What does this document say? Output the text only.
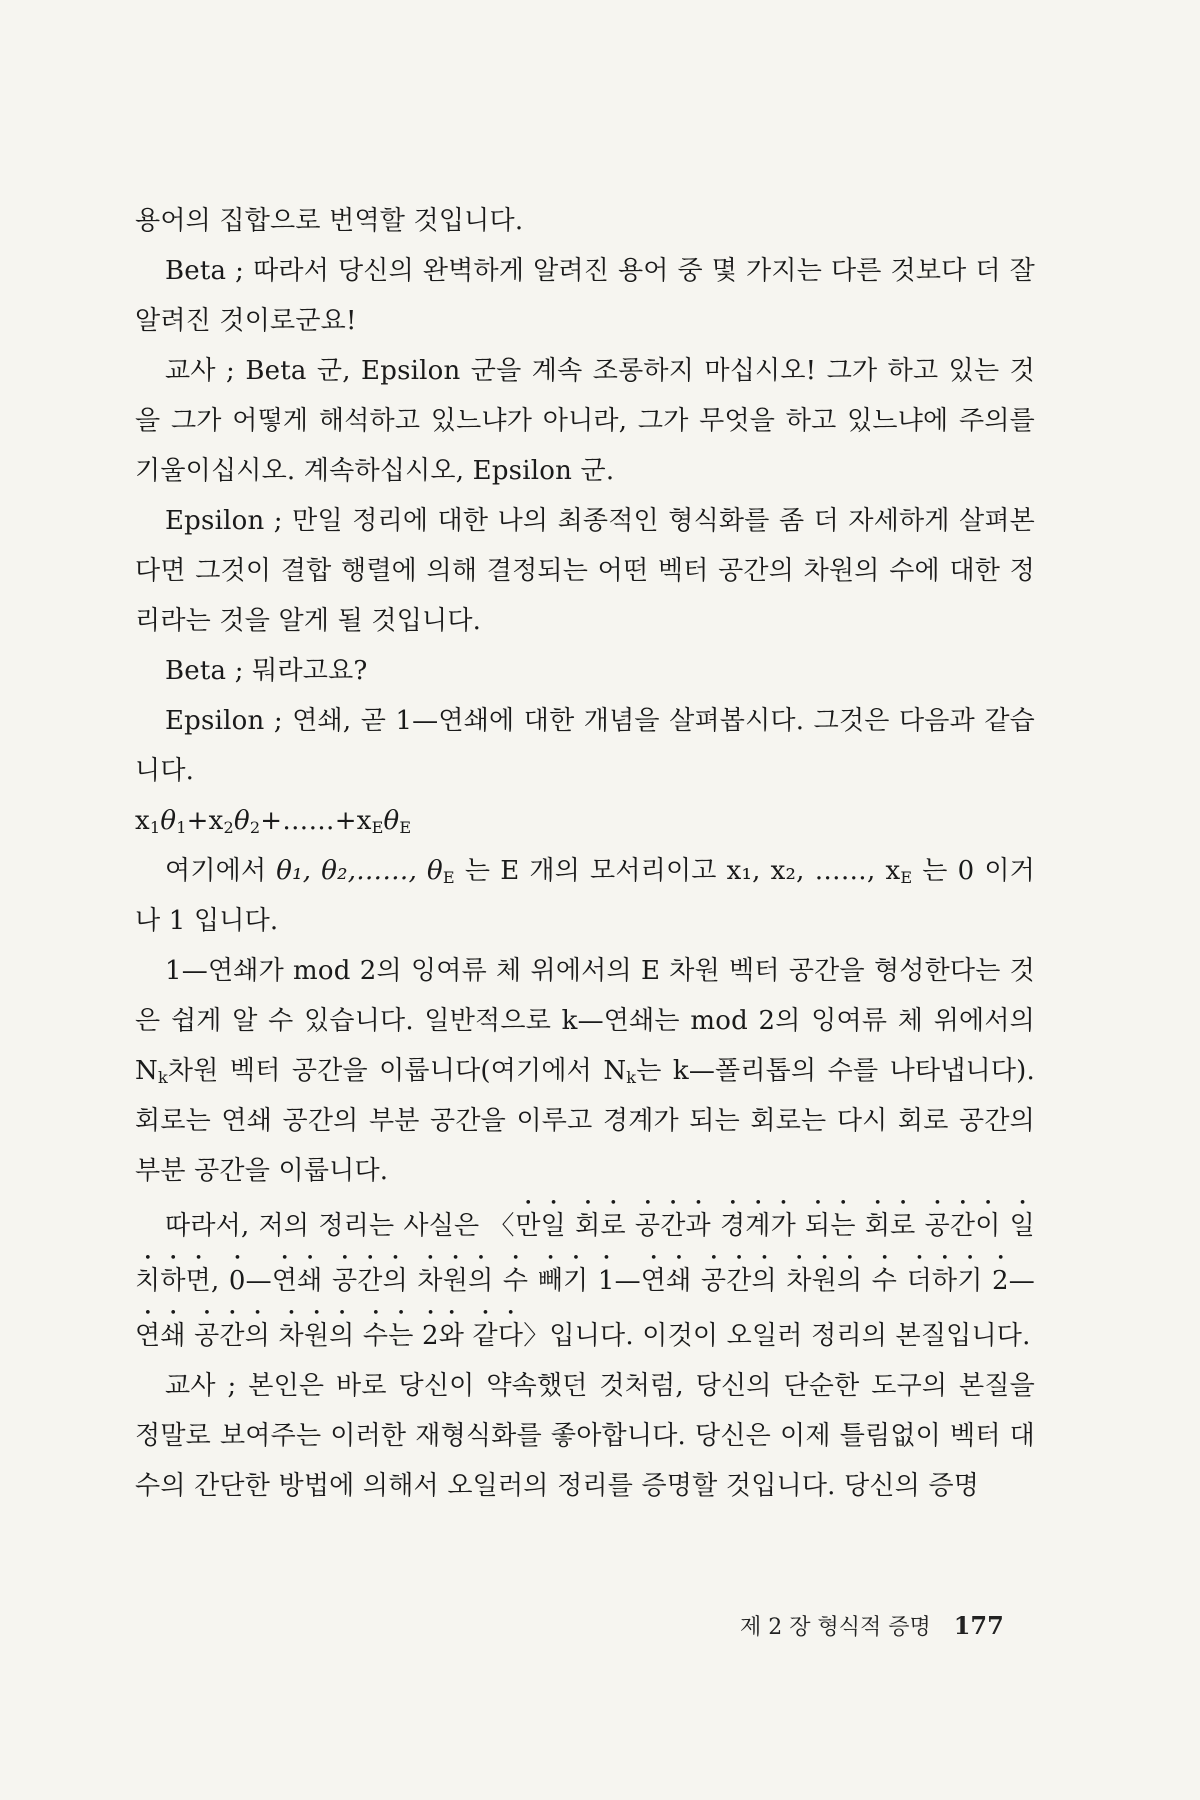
용어의 집합으로 번역할 것입니다.

Beta ; 따라서 당신의 완벽하게 알려진 용어 중 몇 가지는 다른 것보다 더 잘 알려진 것이로군요!

교사 ; Beta 군, Epsilon 군을 계속 조롱하지 마십시오! 그가 하고 있는 것을 그가 어떻게 해석하고 있느냐가 아니라, 그가 무엇을 하고 있느냐에 주의를 기울이십시오. 계속하십시오, Epsilon 군.

Epsilon ; 만일 정리에 대한 나의 최종적인 형식화를 좀 더 자세하게 살펴본다면 그것이 결합 행렬에 의해 결정되는 어떤 벡터 공간의 차원의 수에 대한 정리라는 것을 알게 될 것입니다.

Beta ; 뭐라고요?

Epsilon ; 연쇄, 곧 1—연쇄에 대한 개념을 살펴봅시다. 그것은 다음과 같습니다.

$x_1\theta_1+x_2\theta_2+\dots\dots+x_E\theta_E$

여기에서 θ₁, θ₂,……, $\theta_E$ 는 E 개의 모서리이고 x₁, x₂, ……, $x_E$ 는 0 이거나 1 입니다.

1—연쇄가 mod 2의 잉여류 체 위에서의 E 차원 벡터 공간을 형성한다는 것은 쉽게 알 수 있습니다. 일반적으로 k—연쇄는 mod 2의 잉여류 체 위에서의 $N_k$차원 벡터 공간을 이룹니다(여기에서 $N_k$는 k—폴리톱의 수를 나타냅니다). 회로는 연쇄 공간의 부분 공간을 이루고 경계가 되는 회로는 다시 회로 공간의 부분 공간을 이룹니다.

따라서, 저의 정리는 사실은 〈만일 회로 공간과 경계가 되는 회로 공간이 일치하면, 0—연쇄 공간의 차원의 수 빼기 1—연쇄 공간의 차원의 수 더하기 2—연쇄 공간의 차원의 수는 2와 같다〉입니다. 이것이 오일러 정리의 본질입니다.

교사 ; 본인은 바로 당신이 약속했던 것처럼, 당신의 단순한 도구의 본질을 정말로 보여주는 이러한 재형식화를 좋아합니다. 당신은 이제 틀림없이 벡터 대수의 간단한 방법에 의해서 오일러의 정리를 증명할 것입니다. 당신의 증명

제 2 장 형식적 증명 177
